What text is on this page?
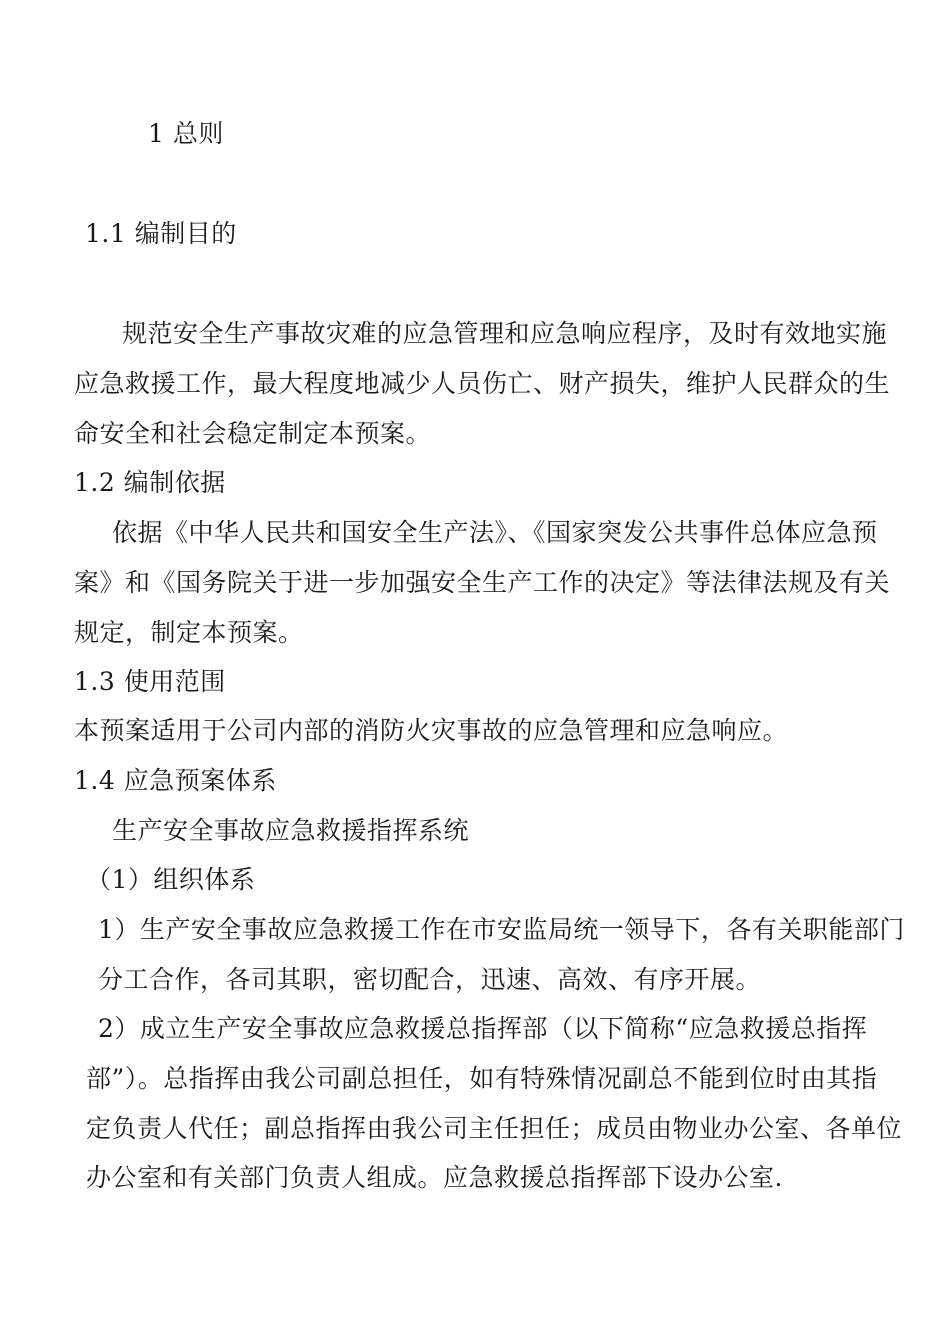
1 总则
1.1 编制目的
规范安全生产事故灾难的应急管理和应急响应程序，及时有效地实施
应急救援工作，最大程度地减少人员伤亡、财产损失，维护人民群众的生
命安全和社会稳定制定本预案。
1.2 编制依据
依据《中华人民共和国安全生产法》、《国家突发公共事件总体应急预
案》和《国务院关于进一步加强安全生产工作的决定》等法律法规及有关
规定，制定本预案。
1.3 使用范围
本预案适用于公司内部的消防火灾事故的应急管理和应急响应。
1.4 应急预案体系
生产安全事故应急救援指挥系统
（1）组织体系
1）生产安全事故应急救援工作在市安监局统一领导下，各有关职能部门
分工合作，各司其职，密切配合，迅速、高效、有序开展。
2）成立生产安全事故应急救援总指挥部（以下简称“应急救援总指挥
部”）。总指挥由我公司副总担任，如有特殊情况副总不能到位时由其指
定负责人代任；副总指挥由我公司主任担任；成员由物业办公室、各单位
办公室和有关部门负责人组成。应急救援总指挥部下设办公室.
